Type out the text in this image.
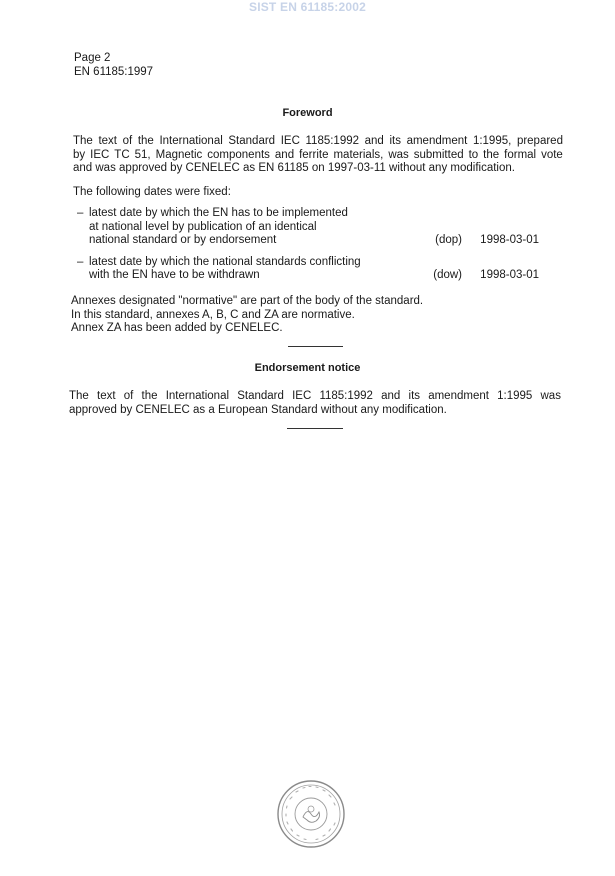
SIST EN 61185:2002
Page 2
EN 61185:1997
Foreword
The text of the International Standard IEC 1185:1992 and its amendment 1:1995, prepared
by IEC TC 51, Magnetic components and ferrite materials, was submitted to the formal vote
and was approved by CENELEC as EN 61185 on 1997-03-11 without any modification.
The following dates were fixed:
– latest date by which the EN has to be implemented
at national level by publication of an identical
national standard or by endorsement	(dop) 1998-03-01
– latest date by which the national standards conflicting
with the EN have to be withdrawn	(dow) 1998-03-01
Annexes designated "normative" are part of the body of the standard.
In this standard, annexes A, B, C and ZA are normative.
Annex ZA has been added by CENELEC.
Endorsement notice
The text of the International Standard IEC 1185:1992 and its amendment 1:1995 was
approved by CENELEC as a European Standard without any modification.
